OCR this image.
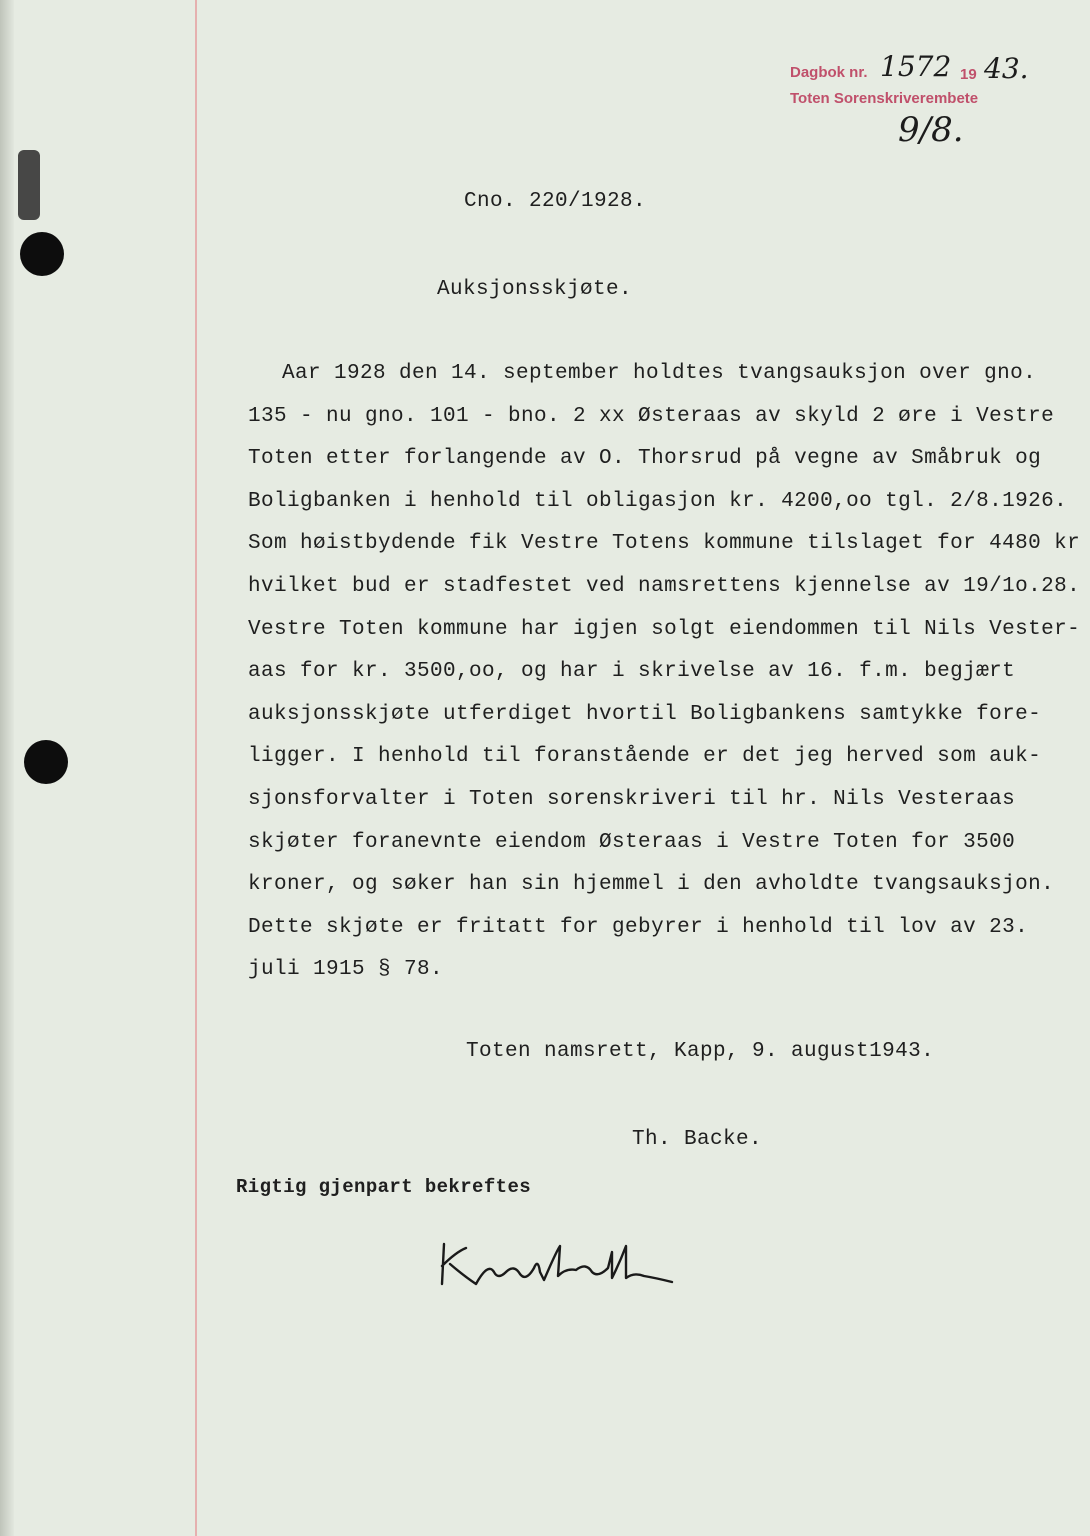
Dagbok nr. 1572 19 43.
Toten Sorenskriverembete
9/8.
Cno. 220/1928.
Auksjonsskjøte.
Aar 1928 den 14. september holdtes tvangsauksjon over gno.
135 - nu gno. 101 - bno. 2 xx Østeraas av skyld 2 øre i Vestre
Toten etter forlangende av O. Thorsrud på vegne av Småbruk og
Boligbanken i henhold til obligasjon kr. 4200,oo tgl. 2/8.1926.
Som høistbydende fik Vestre Totens kommune tilslaget for 4480 kr
hvilket bud er stadfestet ved namsrettens kjennelse av 19/1o.28.
Vestre Toten kommune har igjen solgt eiendommen til Nils Vester-
aas for kr. 3500,oo, og har i skrivelse av 16. f.m. begjært
auksjonsskjøte utferdiget hvortil Boligbankens samtykke fore-
ligger. I henhold til foranstående er det jeg herved som auk-
sjonsforvalter i Toten sorenskriveri til hr. Nils Vesteraas
skjøter foranevnte eiendom Østeraas i Vestre Toten for 3500
kroner, og søker han sin hjemmel i den avholdte tvangsauksjon.
Dette skjøte er fritatt for gebyrer i henhold til lov av 23.
juli 1915 § 78.
Toten namsrett, Kapp, 9. august1943.
Th. Backe.
Rigtig gjenpart bekreftes
